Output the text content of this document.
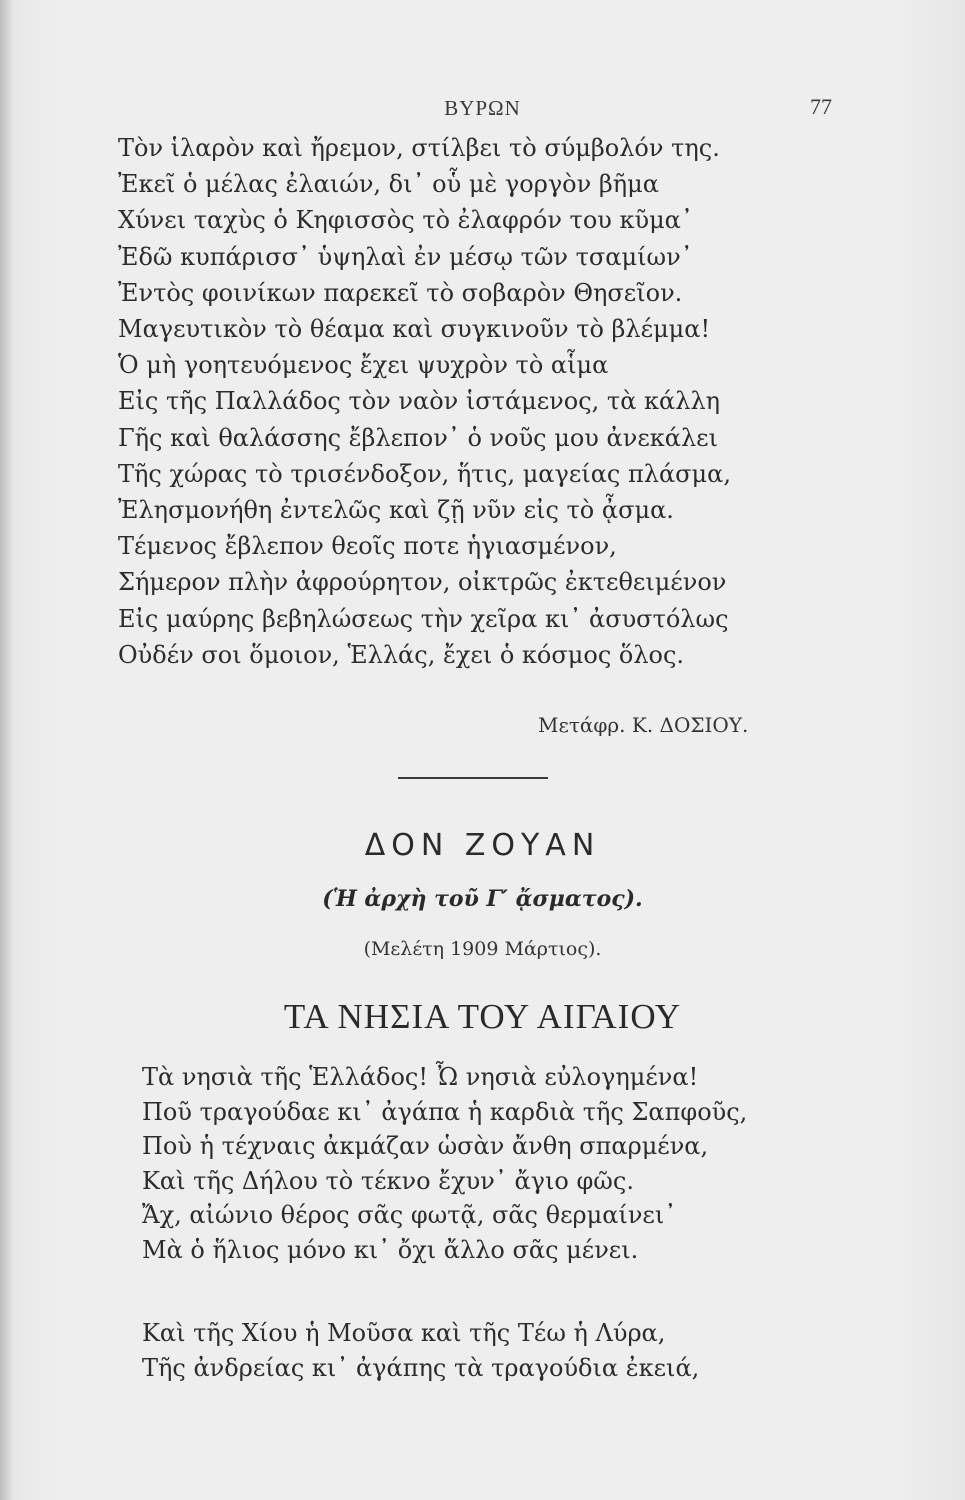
ΒΥΡΩΝ	77
Τὸν ἱλαρὸν καὶ ἤρεμον, στίλβει τὸ σύμβολόν της.
Ἐκεῖ ὁ μέλας ἐλαιών, δι᾽ οὗ μὲ γοργὸν βῆμα
Χύνει ταχὺς ὁ Κηφισσὸς τὸ ἐλαφρόν του κῦμα᾽
Ἐδῶ κυπάρισσ᾽ ὑψηλαὶ ἐν μέσῳ τῶν τσαμίων᾽
Ἐντὸς φοινίκων παρεκεῖ τὸ σοβαρὸν Θησεῖον.
Μαγευτικὸν τὸ θέαμα καὶ συγκινοῦν τὸ βλέμμα!
Ὁ μὴ γοητευόμενος ἔχει ψυχρὸν τὸ αἷμα
Εἰς τῆς Παλλάδος τὸν ναὸν ἱστάμενος, τὰ κάλλη
Γῆς καὶ θαλάσσης ἔβλεπον᾽ ὁ νοῦς μου ἀνεκάλει
Τῆς χώρας τὸ τρισένδοξον, ἥτις, μαγείας πλάσμα,
Ἐλησμονήθη ἐντελῶς καὶ ζῇ νῦν εἰς τὸ ᾆσμα.
Τέμενος ἔβλεπον θεοῖς ποτε ἡγιασμένον,
Σήμερον πλὴν ἀφρούρητον, οἰκτρῶς ἐκτεθειμένον
Εἰς μαύρης βεβηλώσεως τὴν χεῖρα κι᾽ ἀσυστόλως
Οὐδέν σοι ὅμοιον, Ἑλλάς, ἔχει ὁ κόσμος ὅλος.
Μετάφρ. Κ. ΔΟΣΙΟΥ.
ΔΟΝ ΖΟΥΑΝ
(Ἡ ἀρχὴ τοῦ Γ′ ᾄσματος).
(Μελέτη 1909 Μάρτιος).
ΤΑ ΝΗΣΙΑ ΤΟΥ ΑΙΓΑΙΟΥ
Τὰ νησιὰ τῆς Ἑλλάδος! Ὦ νησιὰ εὐλογημένα!
Ποῦ τραγούδαε κι᾽ ἀγάπα ἡ καρδιὰ τῆς Σαπφοῦς,
Ποὺ ἡ τέχναις ἀκμάζαν ὡσὰν ἄνθη σπαρμένα,
Καὶ τῆς Δήλου τὸ τέκνο ἔχυν᾽ ἄγιο φῶς.
Ἄχ, αἰώνιο θέρος σᾶς φωτᾷ, σᾶς θερμαίνει᾽
Μὰ ὁ ἥλιος μόνο κι᾽ ὄχι ἄλλο σᾶς μένει.
Καὶ τῆς Χίου ἡ Μοῦσα καὶ τῆς Τέω ἡ Λύρα,
Τῆς ἀνδρείας κι᾽ ἀγάπης τὰ τραγούδια ἐκειά,
